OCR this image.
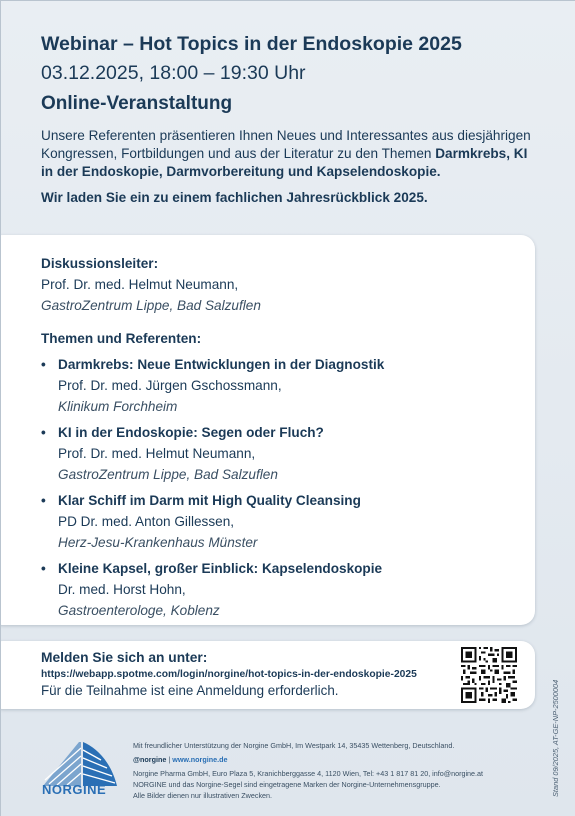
Webinar – Hot Topics in der Endoskopie 2025
03.12.2025, 18:00 – 19:30 Uhr
Online-Veranstaltung
Unsere Referenten präsentieren Ihnen Neues und Interessantes aus diesjährigen Kongressen, Fortbildungen und aus der Literatur zu den Themen Darmkrebs, KI in der Endoskopie, Darmvorbereitung und Kapselendoskopie.
Wir laden Sie ein zu einem fachlichen Jahresrückblick 2025.
Diskussionsleiter:
Prof. Dr. med. Helmut Neumann,
GastroZentrum Lippe, Bad Salzuflen
Themen und Referenten:
• Darmkrebs: Neue Entwicklungen in der Diagnostik
Prof. Dr. med. Jürgen Gschossmann,
Klinikum Forchheim
• KI in der Endoskopie: Segen oder Fluch?
Prof. Dr. med. Helmut Neumann,
GastroZentrum Lippe, Bad Salzuflen
• Klar Schiff im Darm mit High Quality Cleansing
PD Dr. med. Anton Gillessen,
Herz-Jesu-Krankenhaus Münster
• Kleine Kapsel, großer Einblick: Kapselendoskopie
Dr. med. Horst Hohn,
Gastroenterologe, Koblenz
Melden Sie sich an unter:
https://webapp.spotme.com/login/norgine/hot-topics-in-der-endoskopie-2025
Für die Teilnahme ist eine Anmeldung erforderlich.	Stand 09/2025, AT-GE-NP-2500004
NORGINE
Mit freundlicher Unterstützung der Norgine GmbH, Im Westpark 14, 35435 Wettenberg, Deutschland.
@norgine | www.norgine.de
Norgine Pharma GmbH, Euro Plaza 5, Kranichberggasse 4, 1120 Wien, Tel: +43 1 817 81 20, info@norgine.at
NORGINE und das Norgine-Segel sind eingetragene Marken der Norgine-Unternehmensgruppe.
Alle Bilder dienen nur illustrativen Zwecken.
